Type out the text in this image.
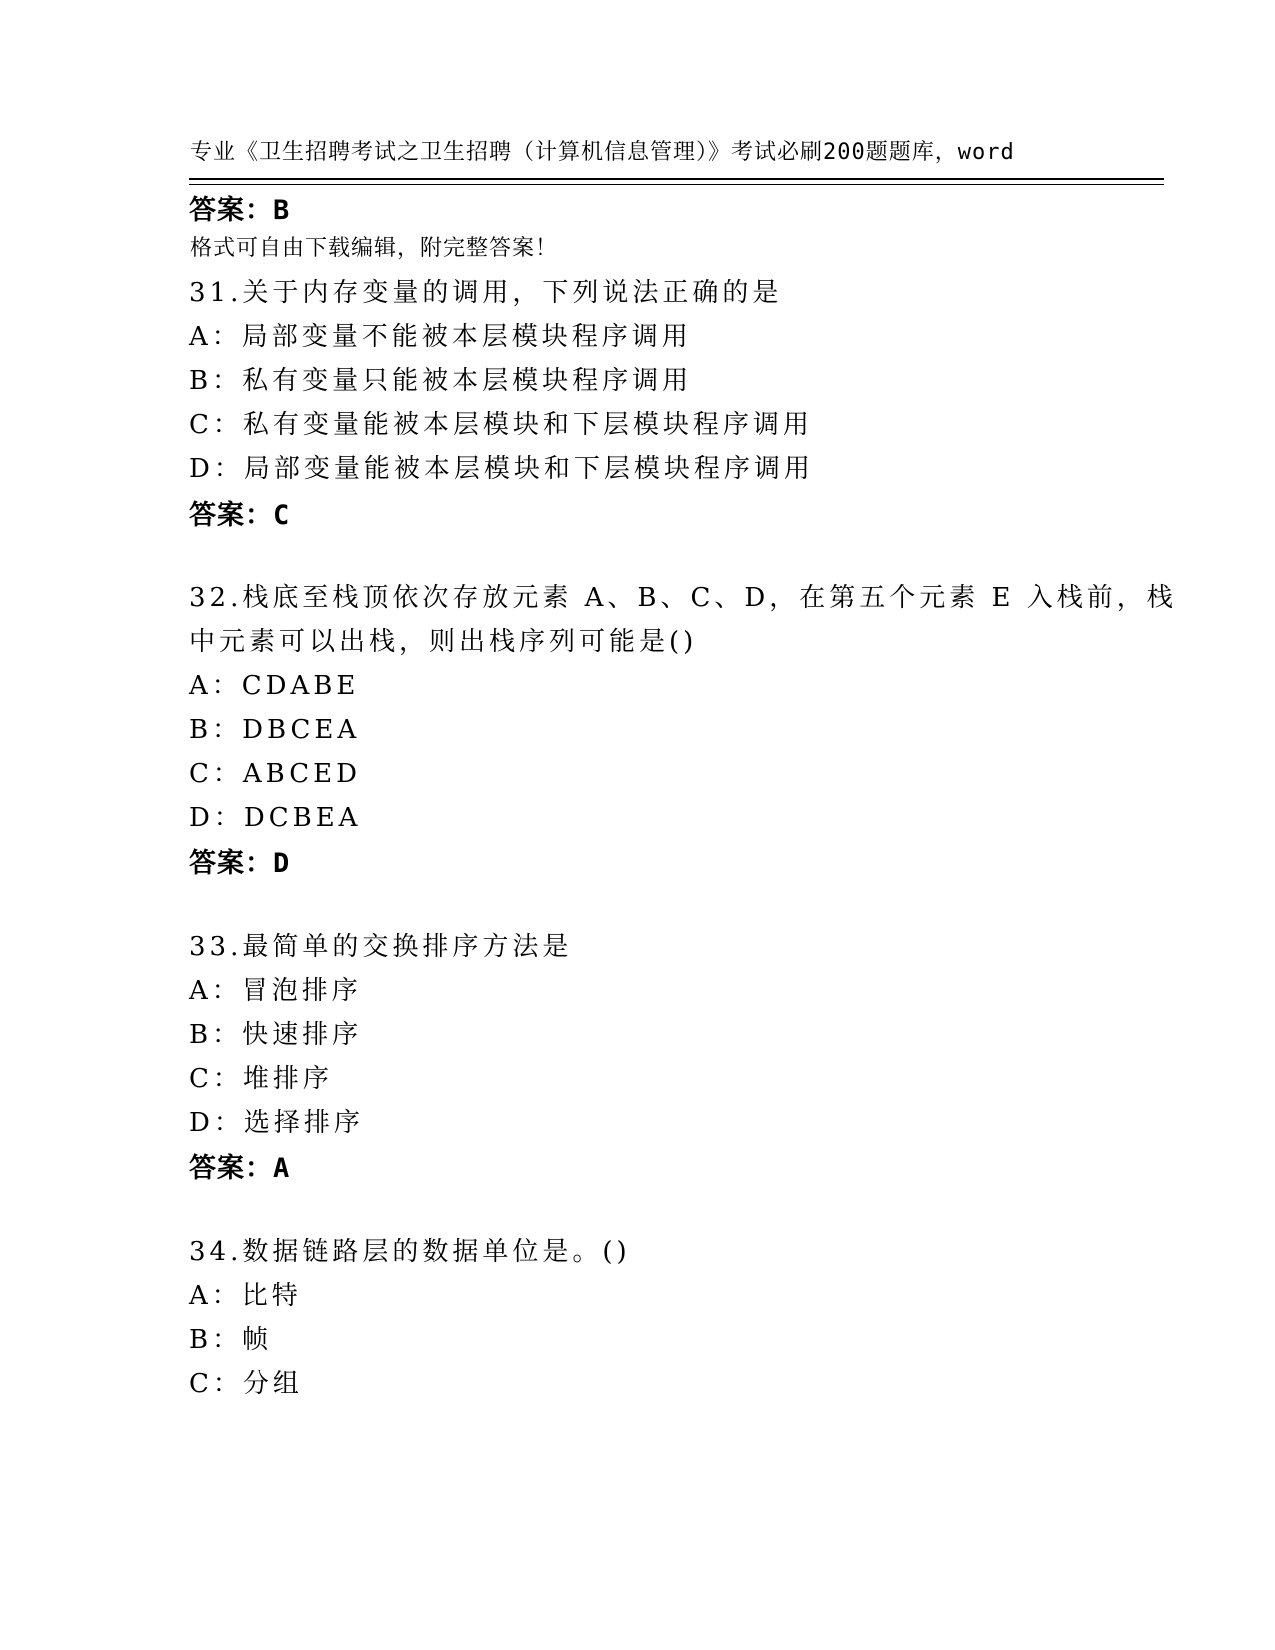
专业《卫生招聘考试之卫生招聘（计算机信息管理）》考试必刷200题题库，word

格式可自由下载编辑，附完整答案！

答案：B
31.关于内存变量的调用，下列说法正确的是
A：局部变量不能被本层模块程序调用
B：私有变量只能被本层模块程序调用
C：私有变量能被本层模块和下层模块程序调用
D：局部变量能被本层模块和下层模块程序调用
答案：C
32.栈底至栈顶依次存放元素 A、B、C、D，在第五个元素 E 入栈前，栈
中元素可以出栈，则出栈序列可能是()
A：CDABE
B：DBCEA
C：ABCED
D：DCBEA
答案：D
33.最简单的交换排序方法是
A：冒泡排序
B：快速排序
C：堆排序
D：选择排序
答案：A
34.数据链路层的数据单位是。()
A：比特
B：帧
C：分组
